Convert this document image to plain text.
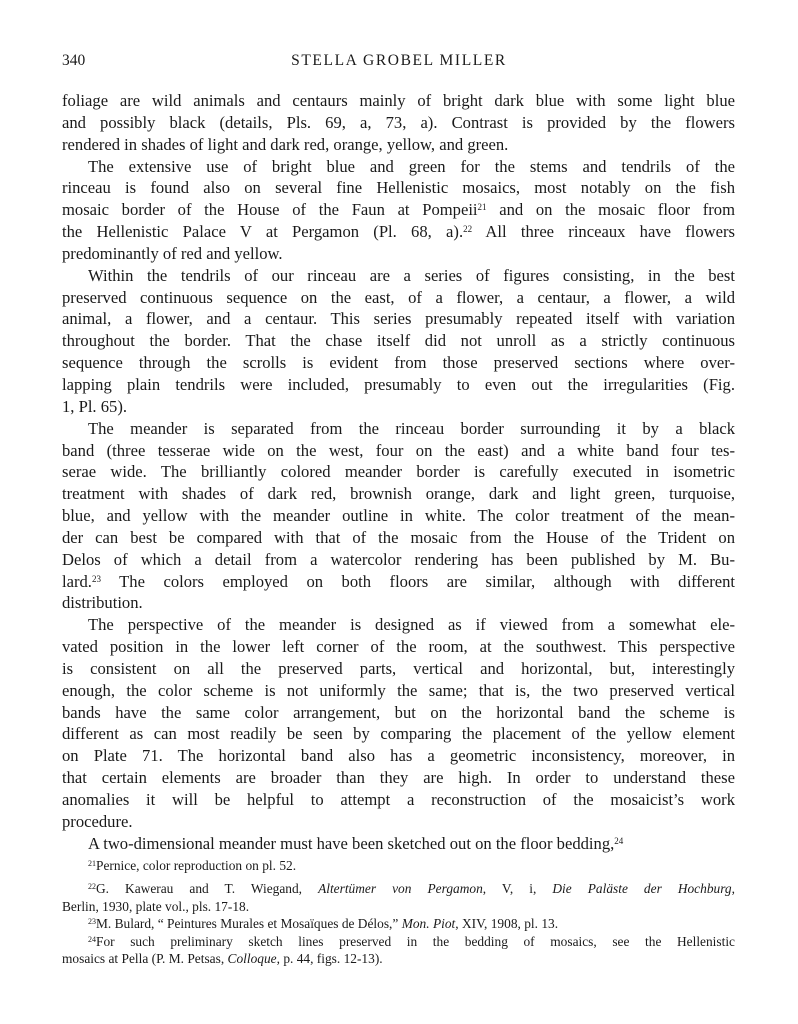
340	STELLA GROBEL MILLER
foliage are wild animals and centaurs mainly of bright dark blue with some light blue
and possibly black (details, Pls. 69, a, 73, a). Contrast is provided by the flowers
rendered in shades of light and dark red, orange, yellow, and green.
The extensive use of bright blue and green for the stems and tendrils of the
rinceau is found also on several fine Hellenistic mosaics, most notably on the fish
mosaic border of the House of the Faun at Pompeii$^{21}$ and on the mosaic floor from
the Hellenistic Palace V at Pergamon (Pl. 68, a).$^{22}$ All three rinceaux have flowers
predominantly of red and yellow.
Within the tendrils of our rinceau are a series of figures consisting, in the best
preserved continuous sequence on the east, of a flower, a centaur, a flower, a wild
animal, a flower, and a centaur. This series presumably repeated itself with variation
throughout the border. That the chase itself did not unroll as a strictly continuous
sequence through the scrolls is evident from those preserved sections where over-
lapping plain tendrils were included, presumably to even out the irregularities (Fig.
1, Pl. 65).
The meander is separated from the rinceau border surrounding it by a black
band (three tesserae wide on the west, four on the east) and a white band four tes-
serae wide. The brilliantly colored meander border is carefully executed in isometric
treatment with shades of dark red, brownish orange, dark and light green, turquoise,
blue, and yellow with the meander outline in white. The color treatment of the mean-
der can best be compared with that of the mosaic from the House of the Trident on
Delos of which a detail from a watercolor rendering has been published by M. Bu-
lard.$^{23}$ The colors employed on both floors are similar, although with different
distribution.
The perspective of the meander is designed as if viewed from a somewhat ele-
vated position in the lower left corner of the room, at the southwest. This perspective
is consistent on all the preserved parts, vertical and horizontal, but, interestingly
enough, the color scheme is not uniformly the same; that is, the two preserved vertical
bands have the same color arrangement, but on the horizontal band the scheme is
different as can most readily be seen by comparing the placement of the yellow element
on Plate 71. The horizontal band also has a geometric inconsistency, moreover, in
that certain elements are broader than they are high. In order to understand these
anomalies it will be helpful to attempt a reconstruction of the mosaicist’s work
procedure.
A two-dimensional meander must have been sketched out on the floor bedding,$^{24}$
$^{21}$Pernice, color reproduction on pl. 52.
$^{22}$G. Kawerau and T. Wiegand, Altertümer von Pergamon, V, i, Die Paläste der Hochburg,
Berlin, 1930, plate vol., pls. 17-18.
$^{23}$M. Bulard, “ Peintures Murales et Mosaïques de Délos,” Mon. Piot, XIV, 1908, pl. 13.
$^{24}$For such preliminary sketch lines preserved in the bedding of mosaics, see the Hellenistic
mosaics at Pella (P. M. Petsas, Colloque, p. 44, figs. 12-13).
